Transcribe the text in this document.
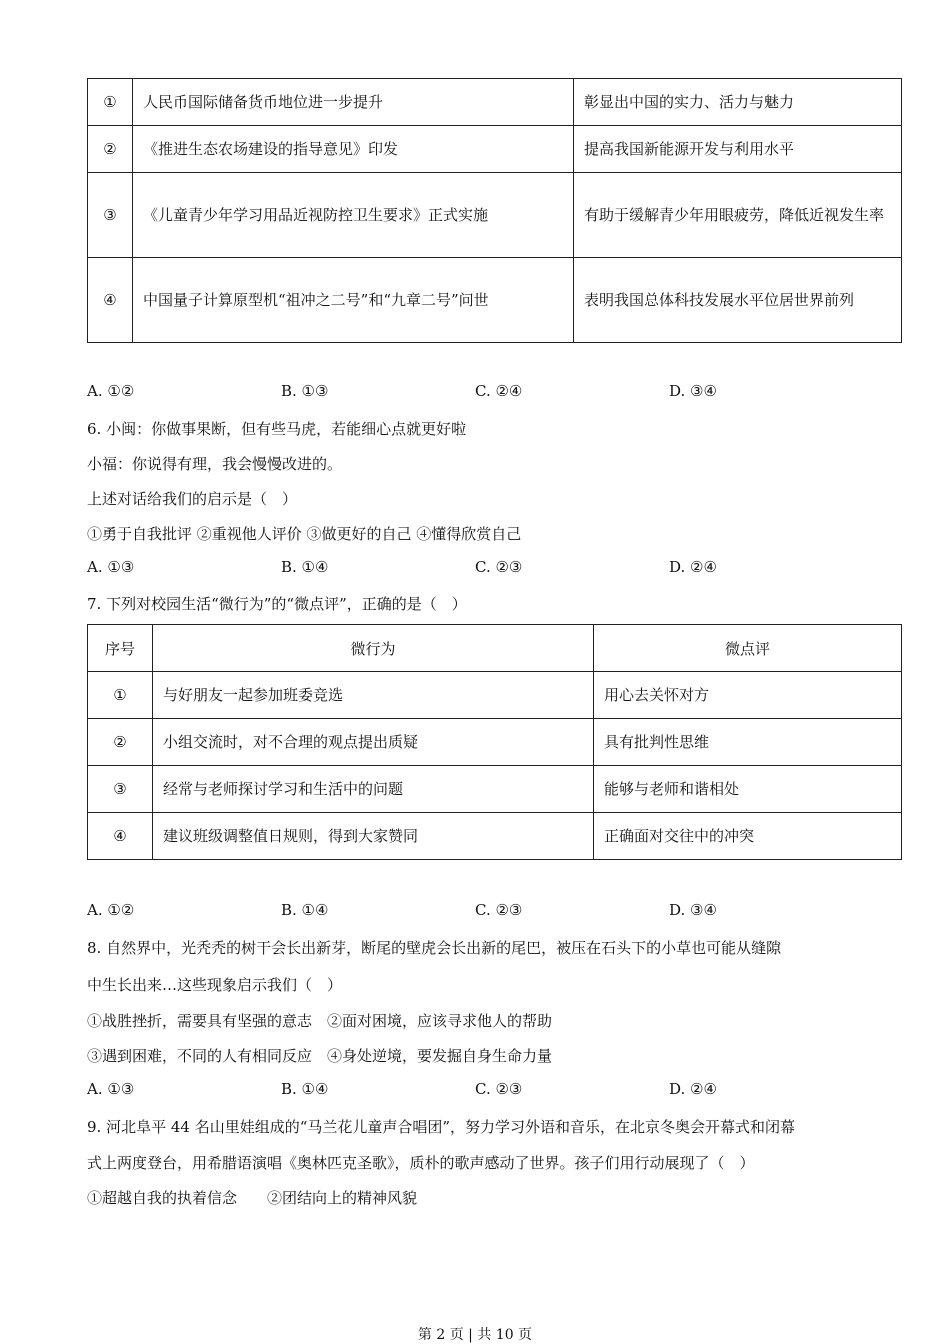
①	人民币国际储备货币地位进一步提升	彰显出中国的实力、活力与魅力
②	《推进生态农场建设的指导意见》印发	提高我国新能源开发与利用水平
③	《儿童青少年学习用品近视防控卫生要求》正式实施	有助于缓解青少年用眼疲劳，降低近视发生率
④	中国量子计算原型机“祖冲之二号”和“九章二号”问世	表明我国总体科技发展水平位居世界前列
A. ①②	B. ①③	C. ②④	D. ③④
6. 小闽：你做事果断，但有些马虎，若能细心点就更好啦
小福：你说得有理，我会慢慢改进的。
上述对话给我们的启示是（　）
①勇于自我批评 ②重视他人评价 ③做更好的自己 ④懂得欣赏自己
A. ①③	B. ①④	C. ②③	D. ②④
7. 下列对校园生活“微行为”的“微点评”，正确的是（　）
序号	微行为	微点评
①	与好朋友一起参加班委竞选	用心去关怀对方
②	小组交流时，对不合理的观点提出质疑	具有批判性思维
③	经常与老师探讨学习和生活中的问题	能够与老师和谐相处
④	建议班级调整值日规则，得到大家赞同	正确面对交往中的冲突
A. ①②	B. ①④	C. ②③	D. ③④
8. 自然界中，光秃秃的树干会长出新芽，断尾的壁虎会长出新的尾巴，被压在石头下的小草也可能从缝隙
中生长出来…这些现象启示我们（　）
①战胜挫折，需要具有坚强的意志　②面对困境，应该寻求他人的帮助
③遇到困难，不同的人有相同反应　④身处逆境，要发掘自身生命力量
A. ①③	B. ①④	C. ②③	D. ②④
9. 河北阜平 44 名山里娃组成的“马兰花儿童声合唱团”，努力学习外语和音乐，在北京冬奥会开幕式和闭幕
式上两度登台，用希腊语演唱《奥林匹克圣歌》，质朴的歌声感动了世界。孩子们用行动展现了（　）
①超越自我的执着信念　　②团结向上的精神风貌
第 2 页 | 共 10 页
